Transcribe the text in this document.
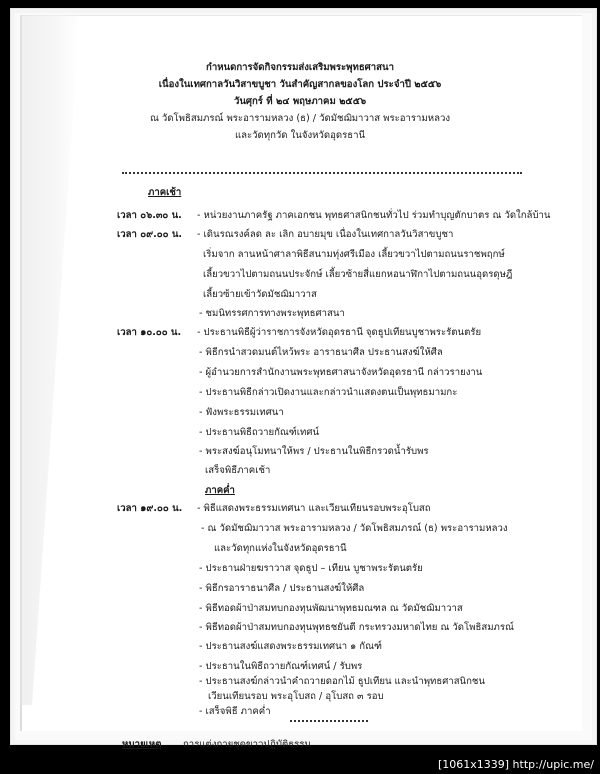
กำหนดการจัดกิจกรรมส่งเสริมพระพุทธศาสนา
เนื่องในเทศกาลวันวิสาขบูชา วันสำคัญสากลของโลก ประจำปี ๒๕๕๖
วันศุกร์ ที่ ๒๔ พฤษภาคม ๒๕๕๖
ณ วัดโพธิสมภรณ์ พระอารามหลวง (ธ) / วัดมัชฌิมาวาส พระอารามหลวง
และวัดทุกวัด ในจังหวัดอุดรธานี
ภาคเช้า
เวลา ๐๖.๓๐ น. - หน่วยงานภาครัฐ ภาคเอกชน พุทธศาสนิกชนทั่วไป ร่วมทำบุญตักบาตร ณ วัดใกล้บ้าน
เวลา ๐๙.๐๐ น. - เดินรณรงค์ลด ละ เลิก อบายมุข เนื่องในเทศกาลวันวิสาขบูชา
เริ่มจาก ลานหน้าศาลาพิธีสนามทุ่งศรีเมือง เลี้ยวขวาไปตามถนนราชพฤกษ์
เลี้ยวขวาไปตามถนนประจักษ์ เลี้ยวซ้ายสี่แยกหอนาฬิกาไปตามถนนอุดรดุษฎี
เลี้ยวซ้ายเข้าวัดมัชฌิมาวาส
- ชมนิทรรศการทางพระพุทธศาสนา
เวลา ๑๐.๐๐ น. - ประธานพิธีผู้ว่าราชการจังหวัดอุดรธานี จุดธูปเทียนบูชาพระรัตนตรัย
- พิธีกรนำสวดมนต์ไหว้พระ อาราธนาศีล ประธานสงฆ์ให้ศีล
- ผู้อำนวยการสำนักงานพระพุทธศาสนาจังหวัดอุดรธานี กล่าวรายงาน
- ประธานพิธีกล่าวเปิดงานและกล่าวนำแสดงตนเป็นพุทธมามกะ
- ฟังพระธรรมเทศนา
- ประธานพิธีถวายกัณฑ์เทศน์
- พระสงฆ์อนุโมทนาให้พร / ประธานในพิธีกรวดน้ำรับพร
เสร็จพิธีภาคเช้า
ภาคค่ำ
เวลา ๑๙.๐๐ น. - พิธีแสดงพระธรรมเทศนา และเวียนเทียนรอบพระอุโบสถ
- ณ วัดมัชฌิมาวาส พระอารามหลวง / วัดโพธิสมภรณ์ (ธ) พระอารามหลวง
และวัดทุกแห่งในจังหวัดอุดรธานี
- ประธานฝ่ายฆราวาส จุดธูป – เทียน บูชาพระรัตนตรัย
- พิธีกรอาราธนาศีล / ประธานสงฆ์ให้ศีล
- พิธีทอดผ้าป่าสมทบกองทุนพัฒนาพุทธมณฑล ณ วัดมัชฌิมาวาส
- พิธีทอดผ้าป่าสมทบกองทุนพุทธชยันตี กระทรวงมหาดไทย ณ วัดโพธิสมภรณ์
- ประธานสงฆ์แสดงพระธรรมเทศนา ๑ กัณฑ์
- ประธานในพิธีถวายกัณฑ์เทศน์ / รับพร
- ประธานสงฆ์กล่าวนำคำถวายดอกไม้ ธูปเทียน และนำพุทธศาสนิกชน
เวียนเทียนรอบ พระอุโบสถ / อุโบสถ ๓ รอบ
- เสร็จพิธี ภาคค่ำ
หมายเหตุ การแต่งกายชุดขาวปฏิบัติธรรม
[1061x1339] http://upic.me/
